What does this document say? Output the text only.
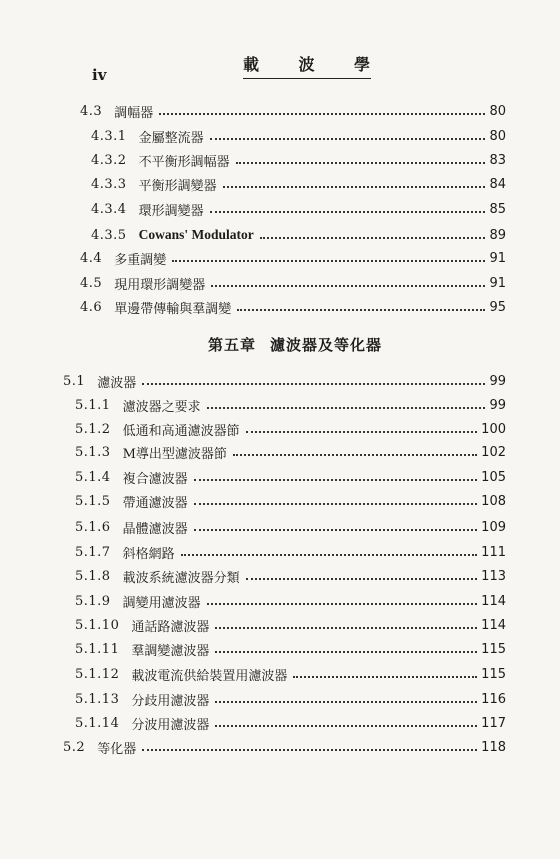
iv
載 波 學
4.3 調幅器	80
4.3.1 金屬整流器	80
4.3.2 不平衡形調幅器	83
4.3.3 平衡形調變器	84
4.3.4 環形調變器	85
4.3.5 Cowans' Modulator	89
4.4 多重調變	91
4.5 現用環形調變器	91
4.6 單邊帶傳輸與羣調變	95
第五章 濾波器及等化器
5.1 濾波器	99
5.1.1 濾波器之要求	99
5.1.2 低通和高通濾波器節	100
5.1.3 M導出型濾波器節	102
5.1.4 複合濾波器	105
5.1.5 帶通濾波器	108
5.1.6 晶體濾波器	109
5.1.7 斜格網路	111
5.1.8 載波系統濾波器分類	113
5.1.9 調變用濾波器	114
5.1.10 通話路濾波器	114
5.1.11 羣調變濾波器	115
5.1.12 載波電流供給裝置用濾波器	115
5.1.13 分歧用濾波器	116
5.1.14 分波用濾波器	117
5.2 等化器	118
